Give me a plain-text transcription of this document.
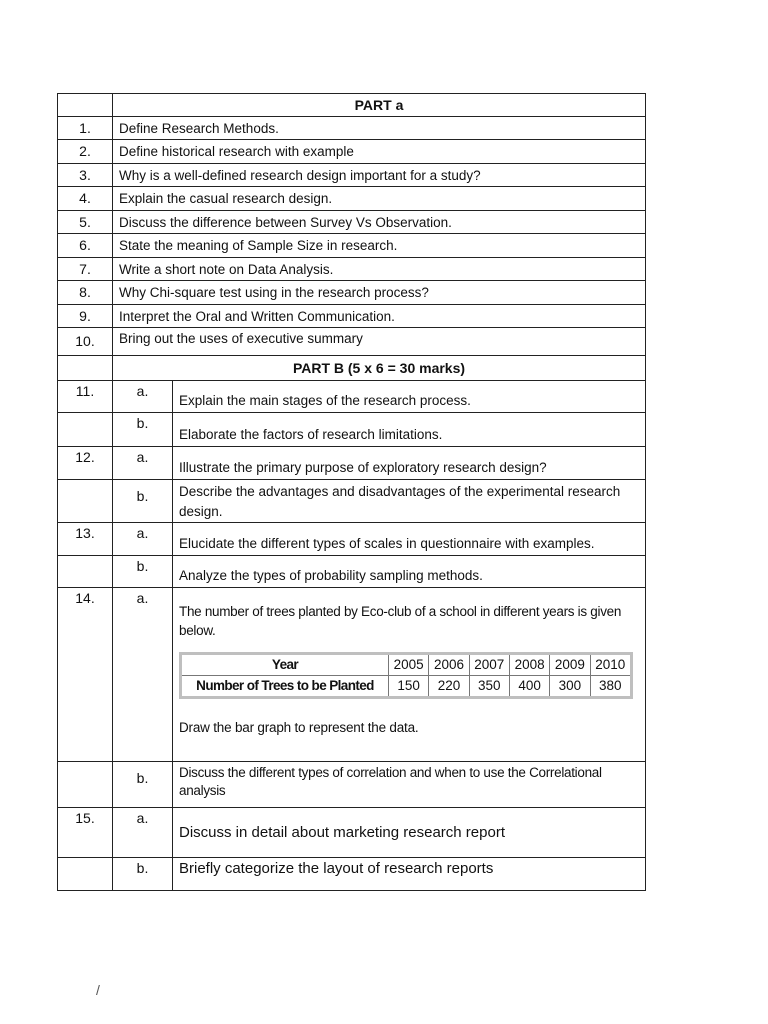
	PART a
1.	Define Research Methods.
2.	Define historical research with example
3.	Why is a well-defined research design important for a study?
4.	Explain the casual research design.
5.	Discuss the difference between Survey Vs Observation.
6.	State the meaning of Sample Size in research.
7.	Write a short note on Data Analysis.
8.	Why Chi-square test using in the research process?
9.	Interpret the Oral and Written Communication.
10.	Bring out the uses of executive summary
	PART B (5 x 6 = 30 marks)
11.	a.	Explain the main stages of the research process.
	b.	Elaborate the factors of research limitations.
12.	a.	Illustrate the primary purpose of exploratory research design?
	b.	Describe the advantages and disadvantages of the experimental research design.
13.	a.	Elucidate the different types of scales in questionnaire with examples.
	b.	Analyze the types of probability sampling methods.
14.	a.	
The number of trees planted by Eco-club of a school in different years is given below.
Year	2005	2006	2007	2008	2009	2010
Number of Trees to be Planted	150	220	350	400	300	380
Draw the bar graph to represent the data.

	b.	Discuss the different types of correlation and when to use the Correlational analysis
15.	a.	Discuss in detail about marketing research report
	b.	Briefly categorize the layout of research reports
/
